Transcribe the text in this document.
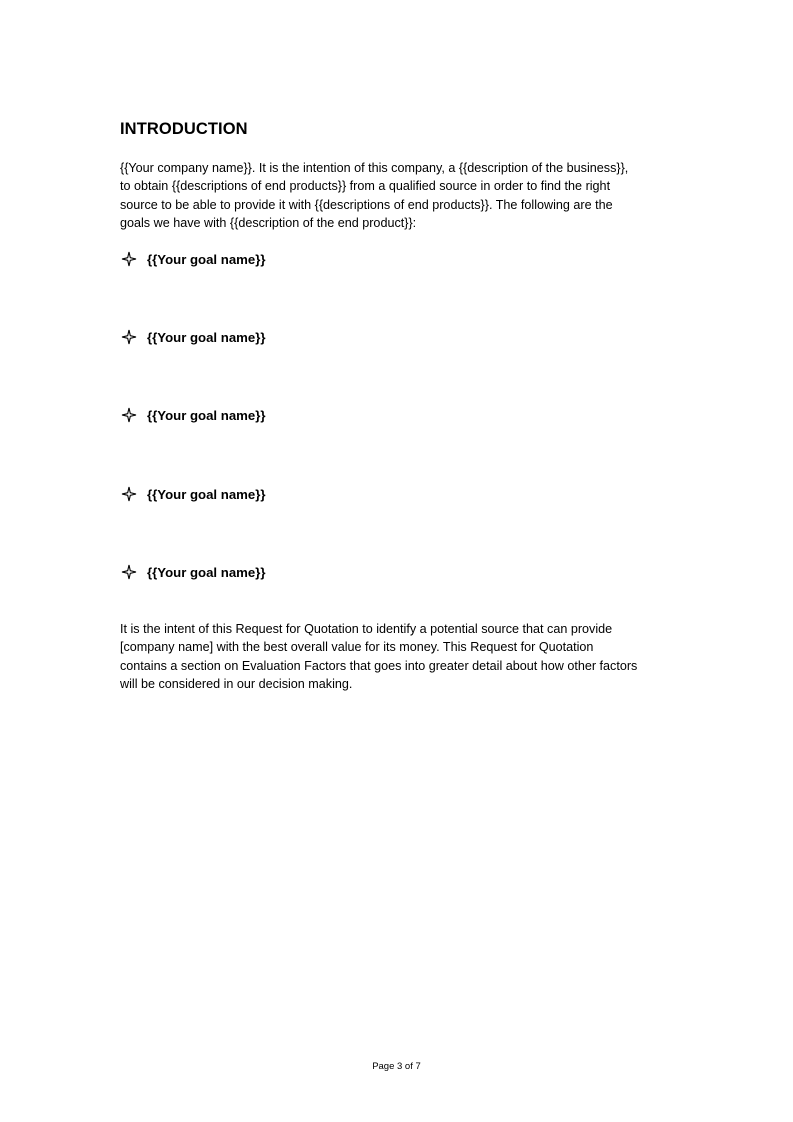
INTRODUCTION
{{Your company name}}. It is the intention of this company, a {{description of the business}},
to obtain {{descriptions of end products}} from a qualified source in order to find the right
source to be able to provide it with {{descriptions of end products}}. The following are the
goals we have with {{description of the end product}}:
{{Your goal name}}
{{Your goal name}}
{{Your goal name}}
{{Your goal name}}
{{Your goal name}}
It is the intent of this Request for Quotation to identify a potential source that can provide
[company name] with the best overall value for its money. This Request for Quotation
contains a section on Evaluation Factors that goes into greater detail about how other factors
will be considered in our decision making.
Page 3 of 7
